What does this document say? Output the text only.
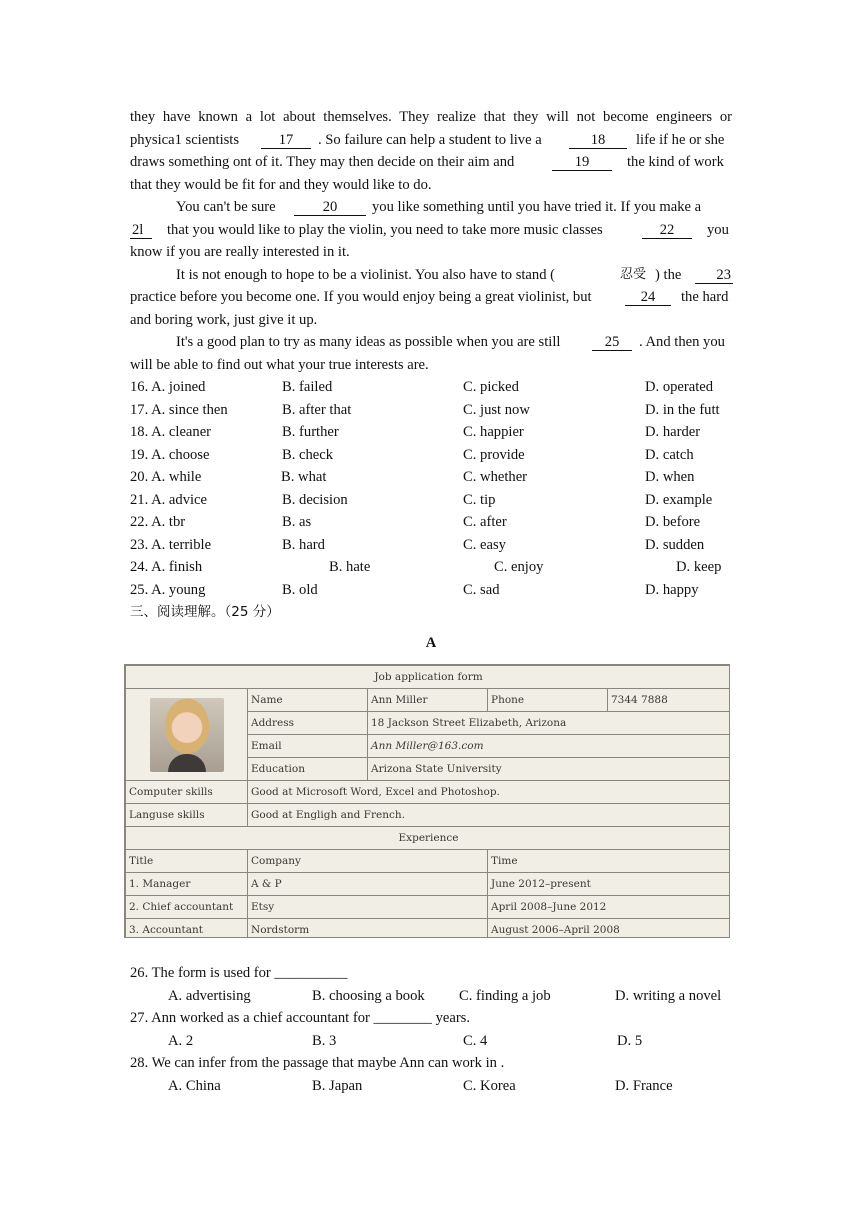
they have known a lot about themselves. They realize that they will not become engineers or
physica1 scientists	17	. So failure can help a student to live a	18	life if he or she
draws something ont of it. They may then decide on their aim and	19	the kind of work
that they would be fit for and they would like to do.
You can't be sure	20	you like something until you have tried it. If you make a
2l	that you would like to play the violin, you need to take more music classes	22	you
know if you are really interested in it.
It is not enough to hope to be a violinist. You also have to stand (	忍受 ) the	23
practice before you become one. If you would enjoy being a great violinist, but	24	the hard
and boring work, just give it up.
It's a good plan to try as many ideas as possible when you are still	25	. And then you
will be able to find out what your true interests are.
16. A. joined	B. failed	C. picked	D. operated
17. A. since then	B. after that	C. just now	D. in the futt
18. A. cleaner	B. further	C. happier	D. harder
19. A. choose	B. check	C. provide	D. catch
20. A. while	B. what	C. whether	D. when
21. A. advice	B. decision	C. tip	D. example
22. A. tbr	B. as	C. after	D. before
23. A. terrible	B. hard	C. easy	D. sudden
24. A. finish	B. hate	C. enjoy	D. keep
25. A. young	B. old	C. sad	D. happy
三、阅读理解。（25 分）
A
Job application form				

	Name	Ann Miller	Phone	7344 7888
	Address	18 Jackson Street Elizabeth, Arizona		
	Email	Ann Miller@163.com		
	Education	Arizona State University		
Computer skills	Good at Microsoft Word, Excel and Photoshop.			
Languse skills	Good at Engligh and French.			
Experience				
Title	Company		Time	
1. Manager	A & P		June 2012–present	
2. Chief accountant	Etsy		April 2008–June 2012	
3. Accountant	Nordstorm		August 2006–April 2008	
26. The form is used for __________
A. advertising	B. choosing a book C. finding a job	D. writing a novel
27. Ann worked as a chief accountant for ________ years.
A. 2	B. 3	C. 4	D. 5
28. We can infer from the passage that maybe Ann can work in .
A. China	B. Japan	C. Korea	D. France
